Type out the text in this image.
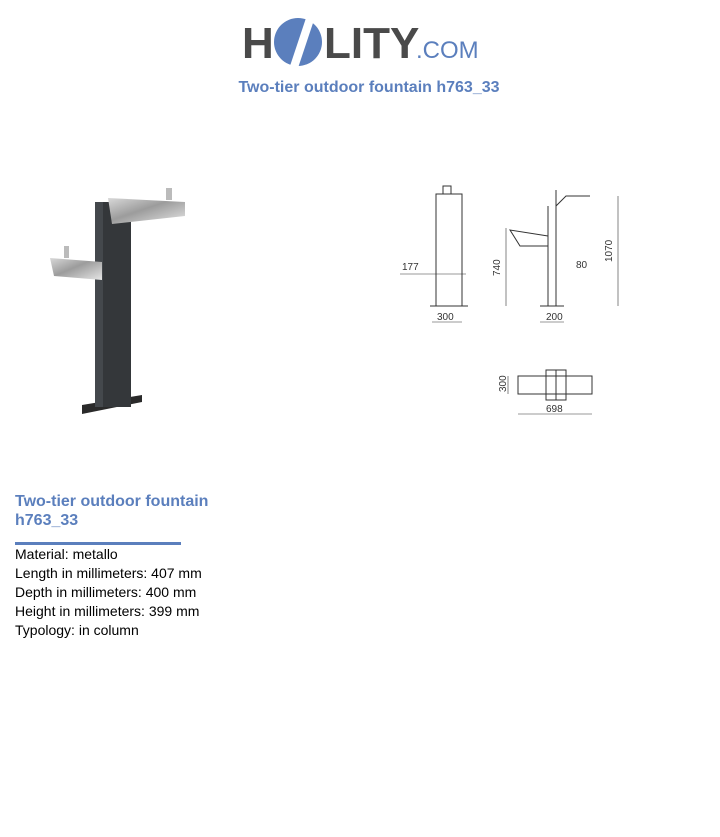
H LITY
.COM
Two-tier outdoor fountain h763_33
177
300
740	80
1070
200
300
698
Two-tier outdoor fountain
h763_33
Material: metallo
Length in millimeters: 407 mm
Depth in millimeters: 400 mm
Height in millimeters: 399 mm
Typology: in column
